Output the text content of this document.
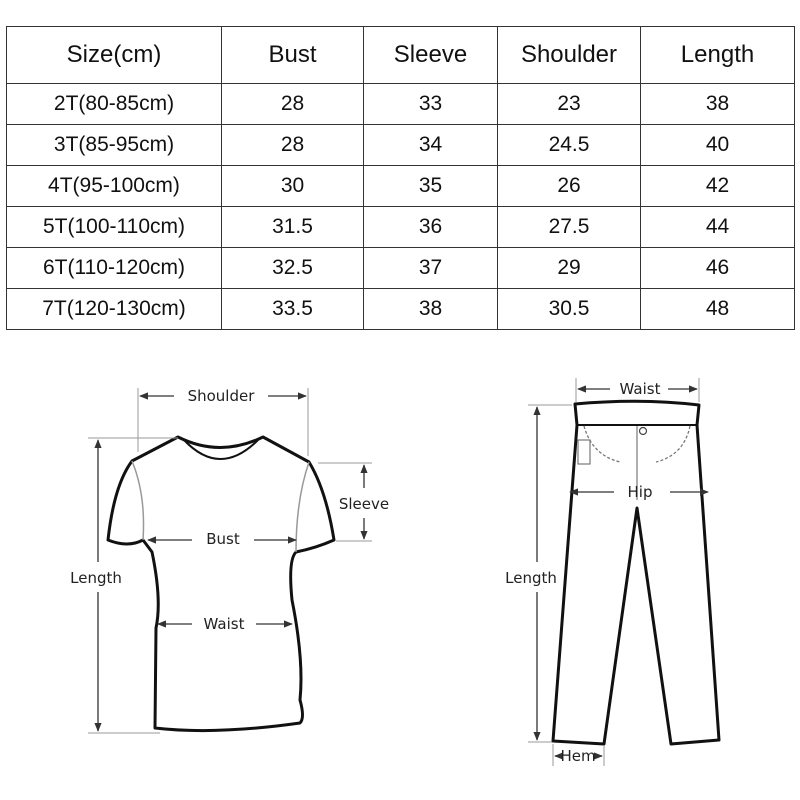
Size(cm)	Bust	Sleeve	Shoulder	Length
2T(80-85cm)	28	33	23	38
3T(85-95cm)	28	34	24.5	40
4T(95-100cm)	30	35	26	42
5T(100-110cm)	31.5	36	27.5	44
6T(110-120cm)	32.5	37	29	46
7T(120-130cm)	33.5	38	30.5	48
Shoulder
Sleeve
Bust
Waist
Length
Waist
Hip
Length
Hem
